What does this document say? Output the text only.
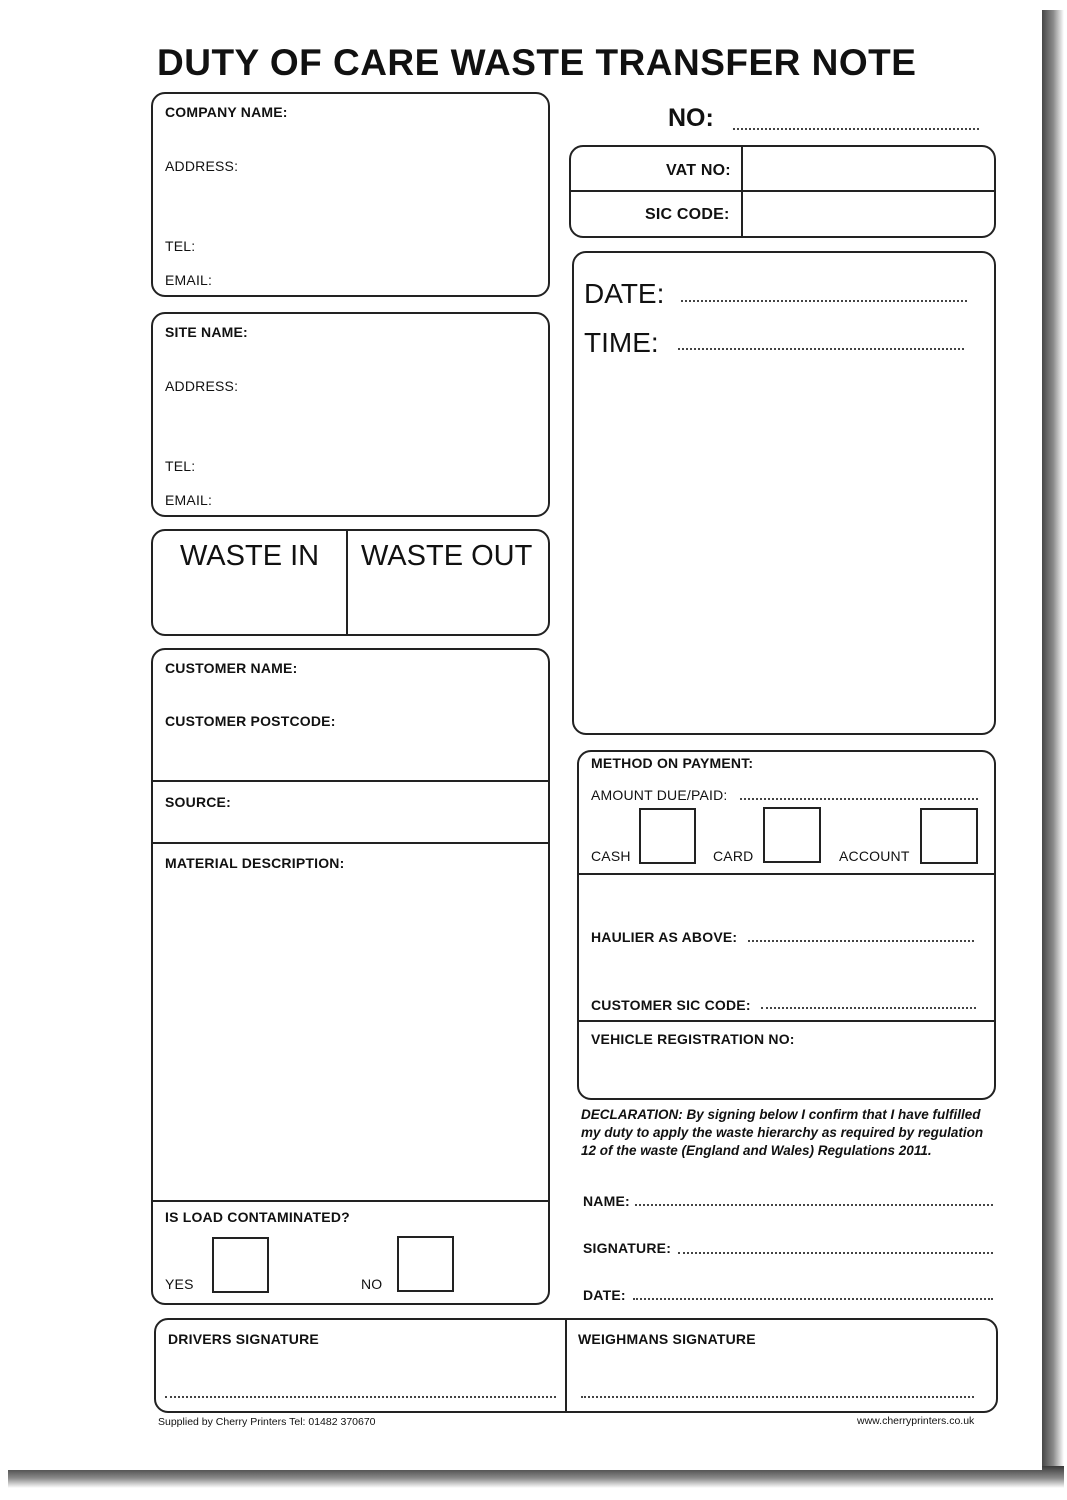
DUTY OF CARE WASTE TRANSFER NOTE
NO:
COMPANY NAME:
ADDRESS:
TEL:
EMAIL:
SITE NAME:
ADDRESS:
TEL:
EMAIL:
WASTE IN WASTE OUT
CUSTOMER NAME:
CUSTOMER POSTCODE:
SOURCE:
MATERIAL DESCRIPTION:
IS LOAD CONTAMINATED?
YES	NO
VAT NO:
SIC CODE:
DATE:
TIME:
METHOD ON PAYMENT:
AMOUNT DUE/PAID:
CASH	CARD	ACCOUNT
HAULIER AS ABOVE:
CUSTOMER SIC CODE:
VEHICLE REGISTRATION NO:
DECLARATION: By signing below I confirm that I have fulfilled my duty to apply the waste hierarchy as required by regulation 12 of the waste (England and Wales) Regulations 2011.
NAME:
SIGNATURE:
DATE:
DRIVERS SIGNATURE	WEIGHMANS SIGNATURE
Supplied by Cherry Printers Tel: 01482 370670	www.cherryprinters.co.uk
